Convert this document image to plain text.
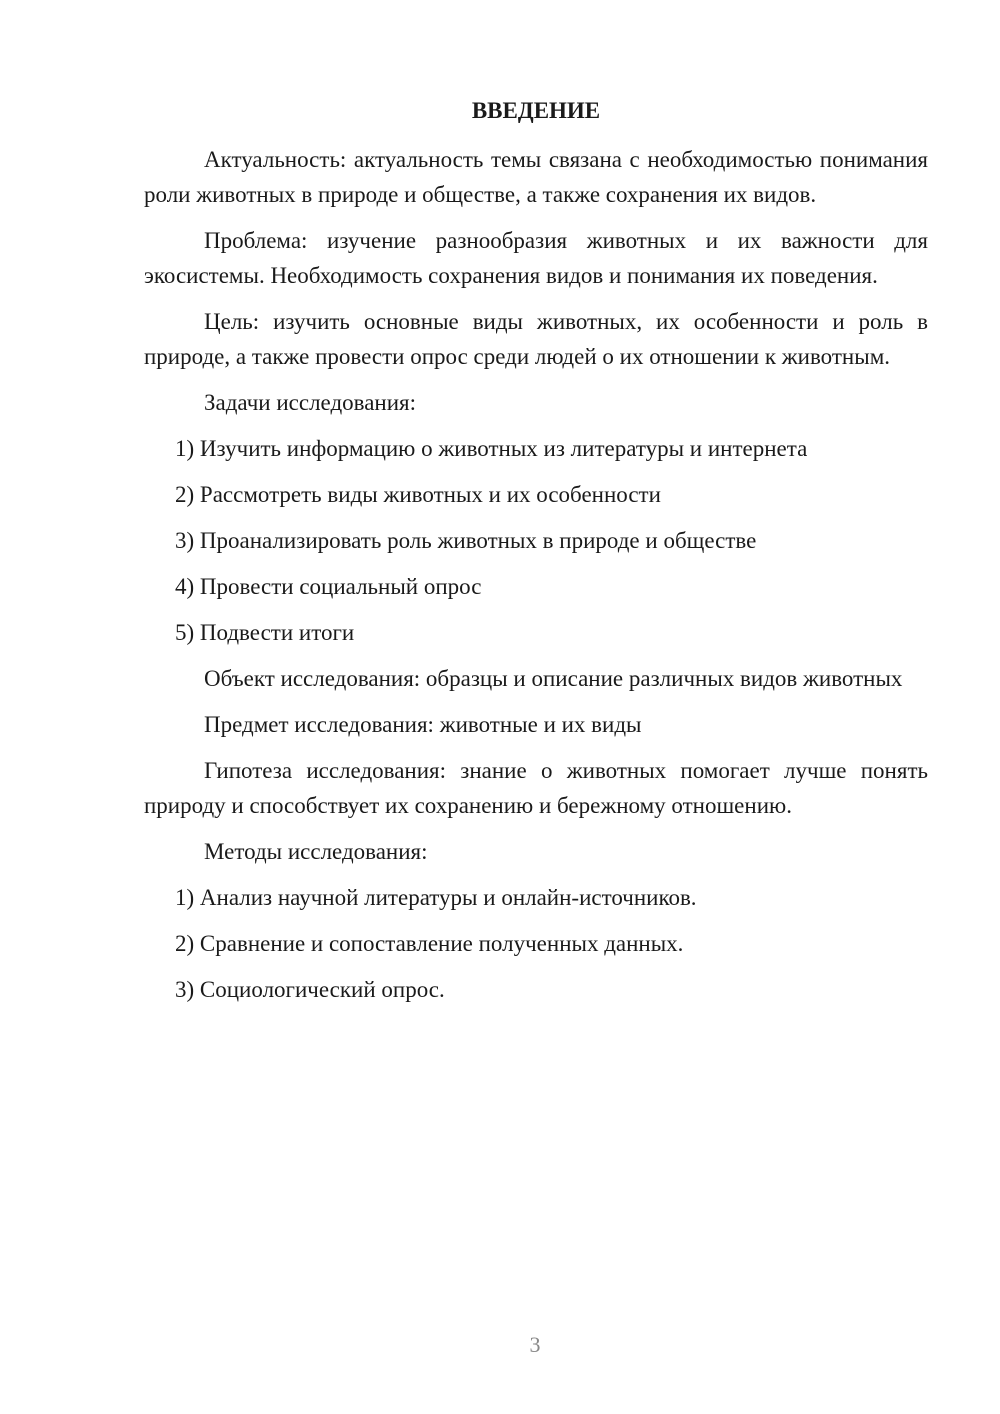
ВВЕДЕНИЕ

Актуальность: актуальность темы связана с необходимостью понимания роли животных в природе и обществе, а также сохранения их видов.

Проблема: изучение разнообразия животных и их важности для экосистемы. Необходимость сохранения видов и понимания их поведения.

Цель: изучить основные виды животных, их особенности и роль в природе, а также провести опрос среди людей о их отношении к животным.

Задачи исследования:

1) Изучить информацию о животных из литературы и интернета
2) Рассмотреть виды животных и их особенности
3) Проанализировать роль животных в природе и обществе
4) Провести социальный опрос
5) Подвести итоги

Объект исследования: образцы и описание различных видов животных

Предмет исследования: животные и их виды

Гипотеза исследования: знание о животных помогает лучше понять природу и способствует их сохранению и бережному отношению.

Методы исследования:

1) Анализ научной литературы и онлайн-источников.
2) Сравнение и сопоставление полученных данных.
3) Социологический опрос.
3
